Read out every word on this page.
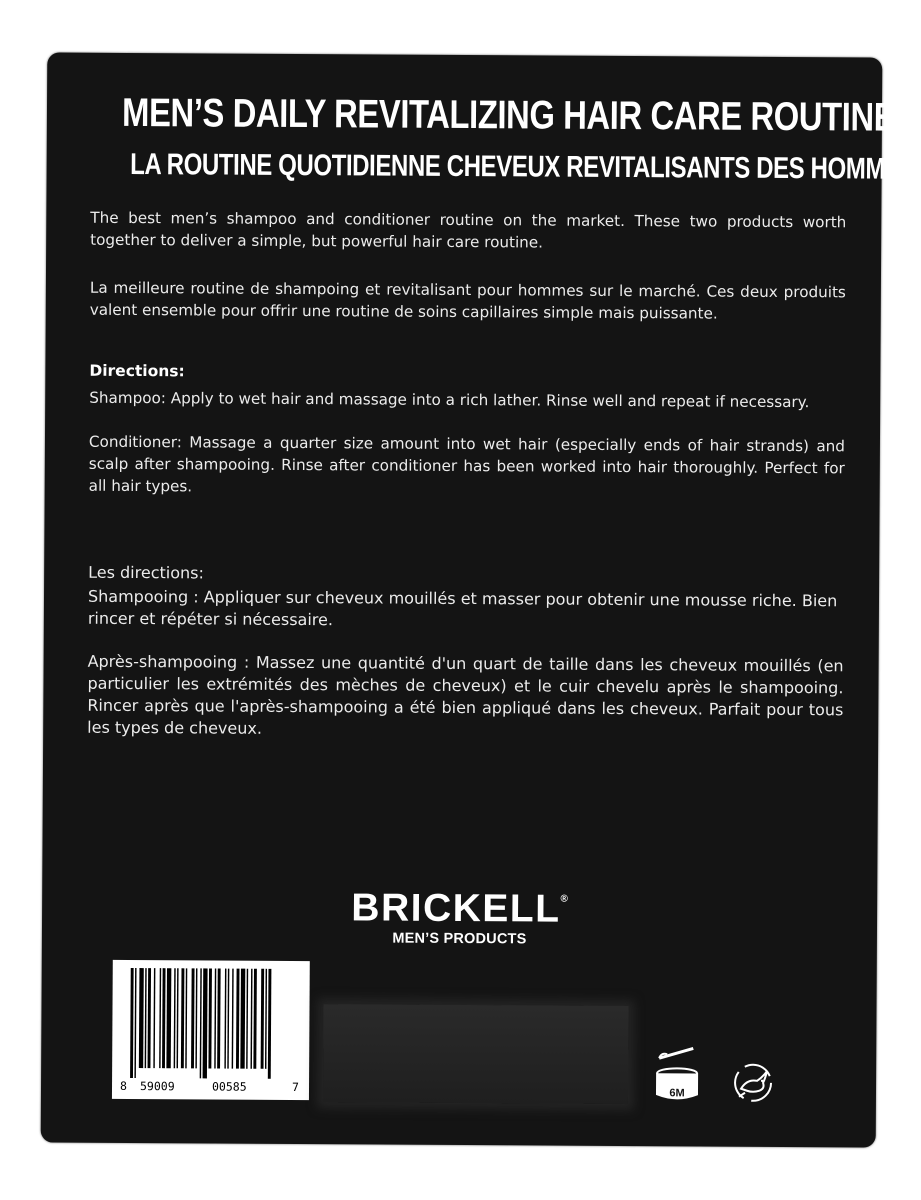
MEN’S DAILY REVITALIZING HAIR CARE ROUTINE
LA ROUTINE QUOTIDIENNE CHEVEUX REVITALISANTS DES HOMMES
The best men’s shampoo and conditioner routine on the market. These two products worth together to deliver a simple, but powerful hair care routine.
La meilleure routine de shampoing et revitalisant pour hommes sur le marché. Ces deux produits valent ensemble pour offrir une routine de soins capillaires simple mais puissante.
Directions:
Shampoo: Apply to wet hair and massage into a rich lather. Rinse well and repeat if necessary.
Conditioner: Massage a quarter size amount into wet hair (especially ends of hair strands) and scalp after shampooing. Rinse after conditioner has been worked into hair thoroughly. Perfect for all hair types.
Les directions:
Shampooing : Appliquer sur cheveux mouillés et masser pour obtenir une mousse riche. Bien rincer et répéter si nécessaire.
Après-shampooing : Massez une quantité d'un quart de taille dans les cheveux mouillés (en particulier les extrémités des mèches de cheveux) et le cuir chevelu après le shampooing. Rincer après que l'après-shampooing a été bien appliqué dans les cheveux. Parfait pour tous les types de cheveux.
BRICKELL®
MEN’S PRODUCTS
8 59009	00585	7	6M
